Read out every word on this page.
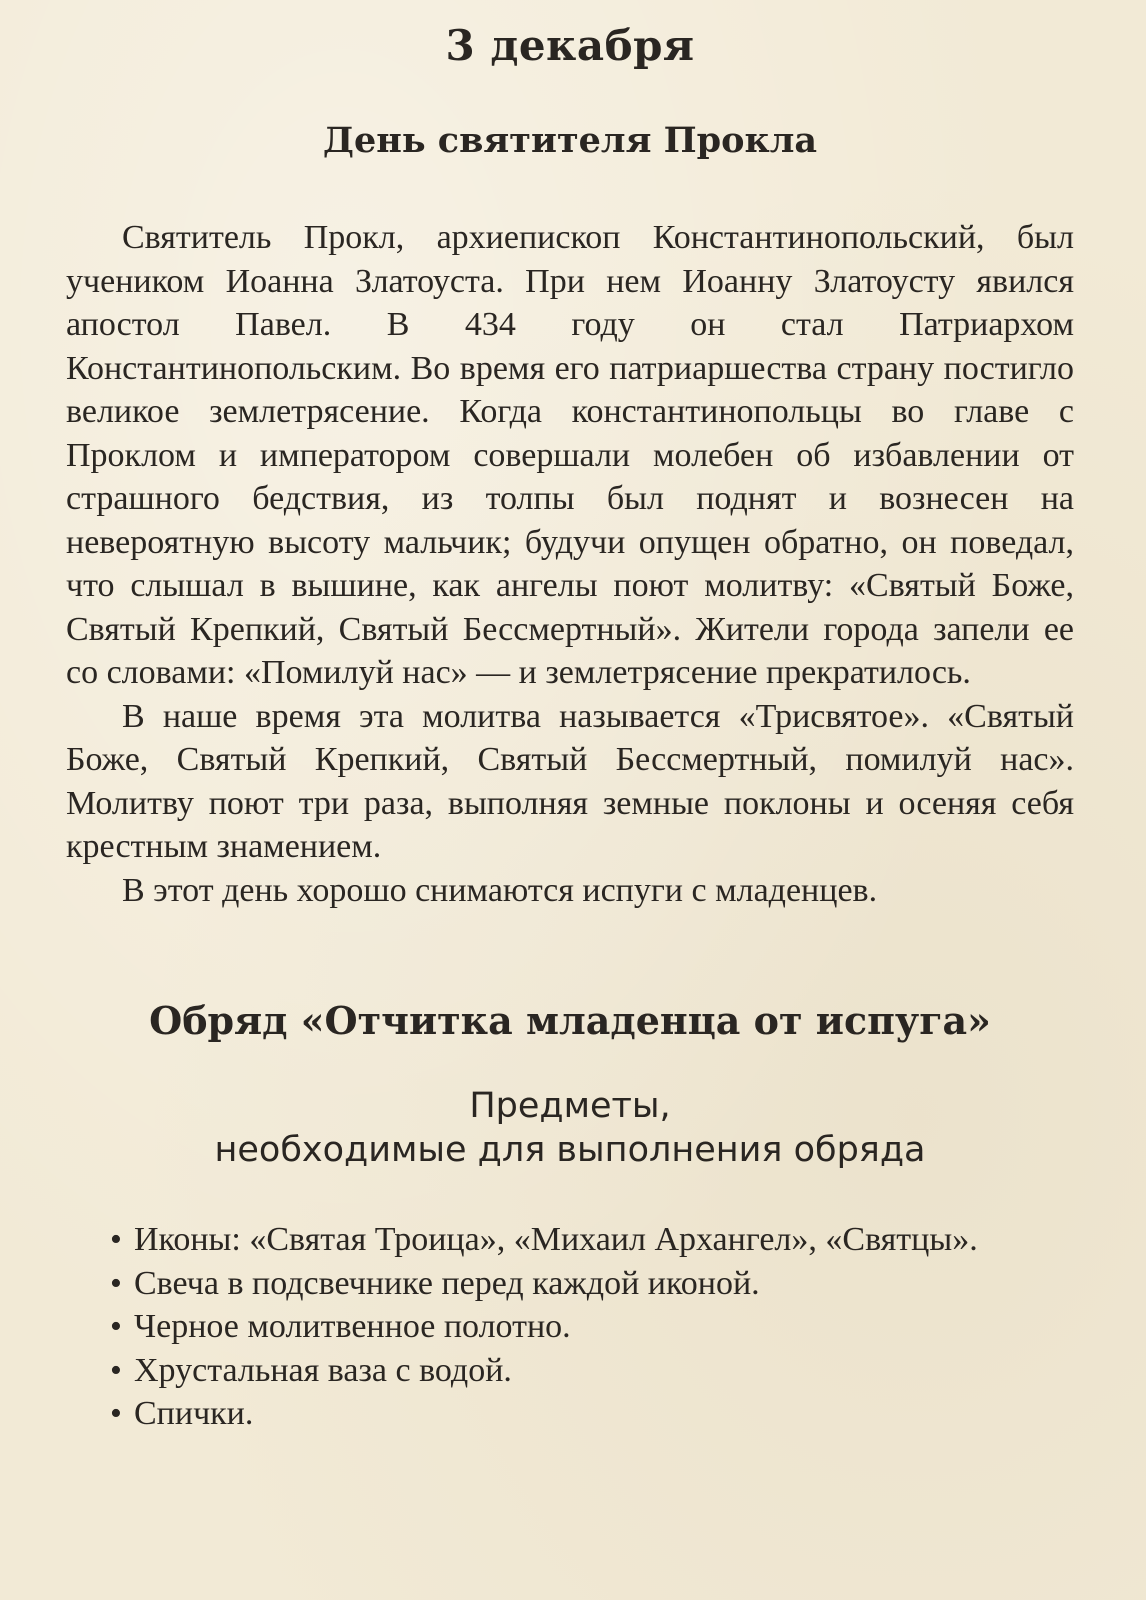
3 декабря
День святителя Прокла

Святитель Прокл, архиепископ Константинопольский, был учеником Иоанна Златоуста. При нем Иоанну Златоусту явился апостол Павел. В 434 году он стал Патриархом Константинопольским. Во время его патриаршества страну постигло великое землетрясение. Когда константинопольцы во главе с Проклом и императором совершали молебен об избавлении от страшного бедствия, из толпы был поднят и вознесен на невероятную высоту мальчик; будучи опущен обратно, он поведал, что слышал в вышине, как ангелы поют молитву: «Святый Боже, Святый Крепкий, Святый Бессмертный». Жители города запели ее со словами: «Помилуй нас» — и землетрясение прекратилось.

В наше время эта молитва называется «Трисвятое». «Святый Боже, Святый Крепкий, Святый Бессмертный, помилуй нас». Молитву поют три раза, выполняя земные поклоны и осеняя себя крестным знамением.

В этот день хорошо снимаются испуги с младенцев.

Обряд «Отчитка младенца от испуга»
Предметы,
необходимые для выполнения обряда
• Иконы: «Святая Троица», «Михаил Архангел», «Святцы».
• Свеча в подсвечнике перед каждой иконой.
• Черное молитвенное полотно.
• Хрустальная ваза с водой.
• Спички.
